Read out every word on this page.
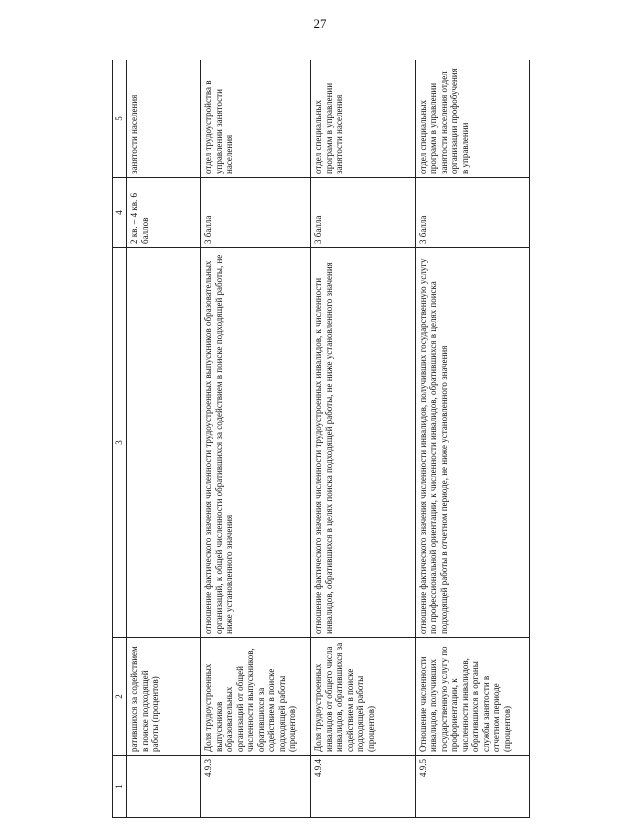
27
1	2	3	4	5
	ратившихся за содействием в поиске подходящей работы (процентов)		2 кв. – 4 кв. 6 баллов	занятости населения
4.9.3	Доля трудоустроенных выпускников образовательных организаций от общей численности выпускников, обратившихся за содействием в поиске подходящей работы (процентов)	отношение фактического значения численности трудоустроенных выпускников образовательных организаций, к общей численности обратившихся за содействием в поиске подходящей работы, не ниже установленного значения	3 балла	отдел трудоустройства в управлении занятости населения
4.9.4	Доля трудоустроенных инвалидов от общего числа инвалидов, обратившихся за содействием в поиске подходящей работы (процентов)	отношение фактического значения численности трудоустроенных инвалидов, к численности инвалидов, обратившихся в целях поиска подходящей работы, не ниже установленного значения	3 балла	отдел специальных программ в управлении занятости населения
4.9.5	Отношение численности инвалидов, получивших государственную услугу по профориентации, к численности инвалидов, обратившихся в органы службы занятости в отчетном периоде (процентов)	отношение фактического значения численности инвалидов, получивших государственную услугу по профессиональной ориентации, к численности инвалидов, обратившихся в целях поиска подходящей работы в отчетном периоде, не ниже установленного значения	3 балла	отдел специальных программ в управлении занятости населения отдел организации профобучения в управлении
